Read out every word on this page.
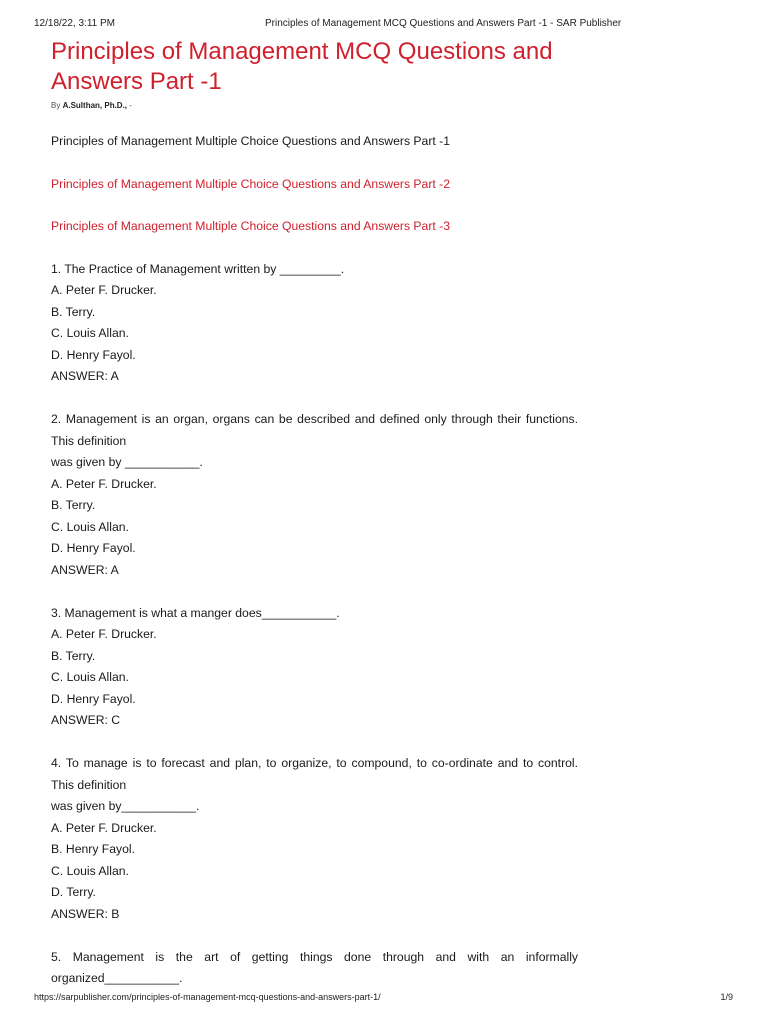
12/18/22, 3:11 PM	Principles of Management MCQ Questions and Answers Part -1 - SAR Publisher
Principles of Management MCQ Questions and Answers Part -1
By A.Sulthan, Ph.D., -
Principles of Management Multiple Choice Questions and Answers Part -1
Principles of Management Multiple Choice Questions and Answers Part -2
Principles of Management Multiple Choice Questions and Answers Part -3

1. The Practice of Management written by _________.

A. Peter F. Drucker.

B. Terry.

C. Louis Allan.

D. Henry Fayol.

ANSWER: A

2. Management is an organ, organs can be described and defined only through their functions. This definition

was given by ___________.

A. Peter F. Drucker.

B. Terry.

C. Louis Allan.

D. Henry Fayol.

ANSWER: A

3. Management is what a manger does___________.

A. Peter F. Drucker.

B. Terry.

C. Louis Allan.

D. Henry Fayol.

ANSWER: C

4. To manage is to forecast and plan, to organize, to compound, to co-ordinate and to control. This definition

was given by___________.

A. Peter F. Drucker.

B. Henry Fayol.

C. Louis Allan.

D. Terry.

ANSWER: B

5. Management is the art of getting things done through and with an informally organized___________.

https://sarpublisher.com/principles-of-management-mcq-questions-and-answers-part-1/	1/9
